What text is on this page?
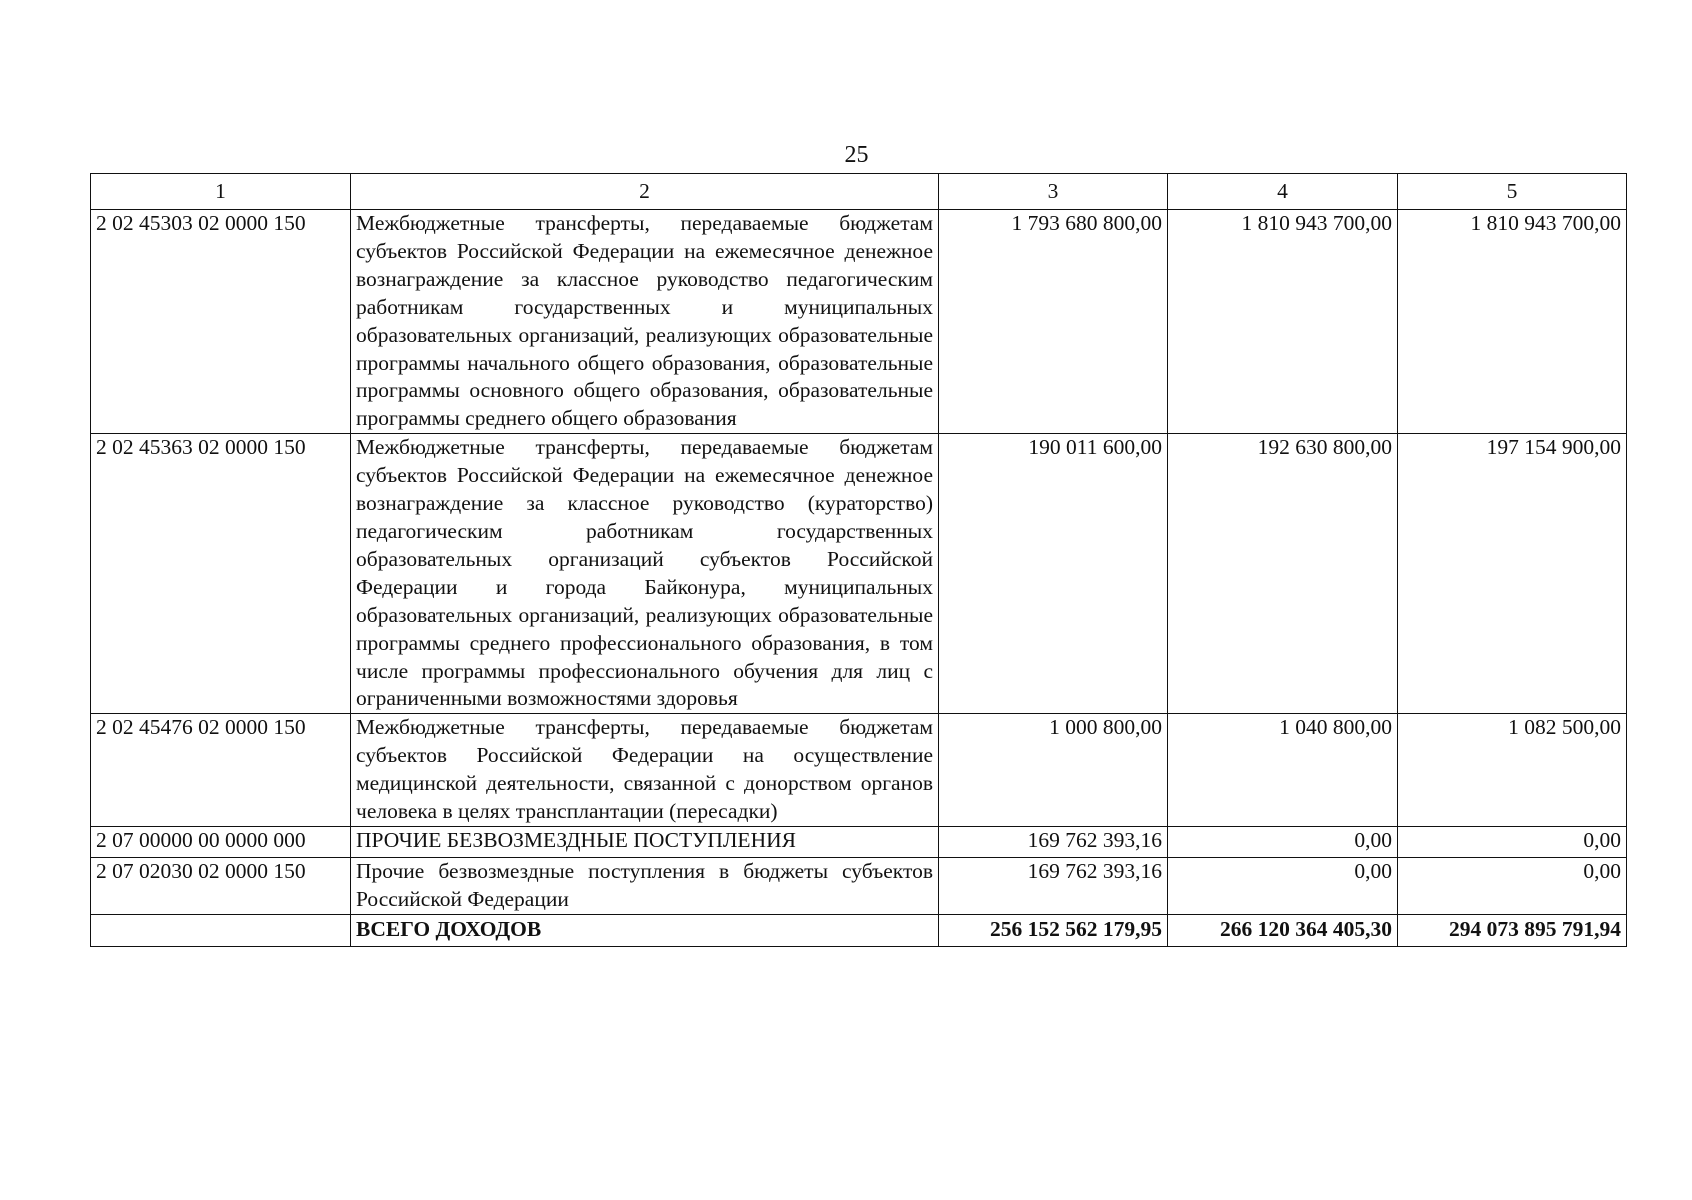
25
1	2	3	4	5
2 02 45303 02 0000 150	Межбюджетные трансферты, передаваемые бюджетам субъектов Российской Федерации на ежемесячное денежное вознаграждение за классное руководство педагогическим работникам государственных и муниципальных образовательных организаций, реализующих образовательные программы начального общего образования, образовательные программы основного общего образования, образовательные программы среднего общего образования	1 793 680 800,00	1 810 943 700,00	1 810 943 700,00
2 02 45363 02 0000 150	Межбюджетные трансферты, передаваемые бюджетам субъектов Российской Федерации на ежемесячное денежное вознаграждение за классное руководство (кураторство) педагогическим работникам государственных образовательных организаций субъектов Российской Федерации и города Байконура, муниципальных образовательных организаций, реализующих образовательные программы среднего профессионального образования, в том числе программы профессионального обучения для лиц с ограниченными возможностями здоровья	190 011 600,00	192 630 800,00	197 154 900,00
2 02 45476 02 0000 150	Межбюджетные трансферты, передаваемые бюджетам субъектов Российской Федерации на осуществление медицинской деятельности, связанной с донорством органов человека в целях трансплантации (пересадки)	1 000 800,00	1 040 800,00	1 082 500,00
2 07 00000 00 0000 000	ПРОЧИЕ БЕЗВОЗМЕЗДНЫЕ ПОСТУПЛЕНИЯ	169 762 393,16	0,00	0,00
2 07 02030 02 0000 150	Прочие безвозмездные поступления в бюджеты субъектов Российской Федерации	169 762 393,16	0,00	0,00
	ВСЕГО ДОХОДОВ	256 152 562 179,95	266 120 364 405,30	294 073 895 791,94
